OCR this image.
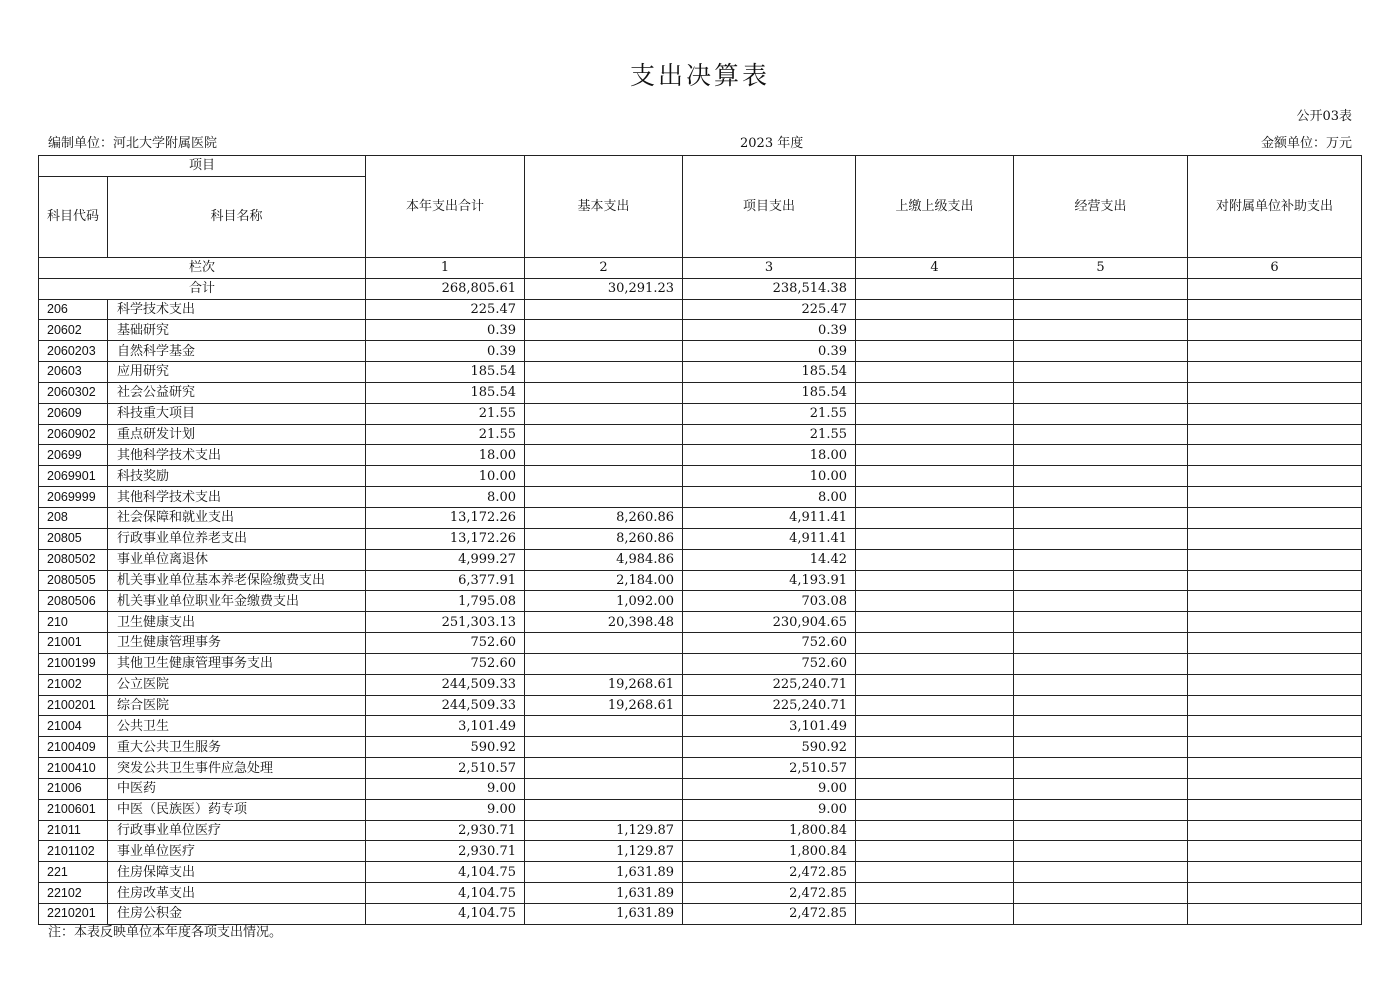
支出决算表
公开03表
编制单位：河北大学附属医院	2023 年度	金额单位：万元
项目		本年支出合计	基本支出	项目支出	上缴上级支出	经营支出	对附属单位补助支出
科目代码	科目名称						
栏次		1	2	3	4	5	6
合计		268,805.61	30,291.23	238,514.38			
206	科学技术支出	225.47		225.47			
20602	基础研究	0.39		0.39			
2060203	自然科学基金	0.39		0.39			
20603	应用研究	185.54		185.54			
2060302	社会公益研究	185.54		185.54			
20609	科技重大项目	21.55		21.55			
2060902	重点研发计划	21.55		21.55			
20699	其他科学技术支出	18.00		18.00			
2069901	科技奖励	10.00		10.00			
2069999	其他科学技术支出	8.00		8.00			
208	社会保障和就业支出	13,172.26	8,260.86	4,911.41			
20805	行政事业单位养老支出	13,172.26	8,260.86	4,911.41			
2080502	事业单位离退休	4,999.27	4,984.86	14.42			
2080505	机关事业单位基本养老保险缴费支出	6,377.91	2,184.00	4,193.91			
2080506	机关事业单位职业年金缴费支出	1,795.08	1,092.00	703.08			
210	卫生健康支出	251,303.13	20,398.48	230,904.65			
21001	卫生健康管理事务	752.60		752.60			
2100199	其他卫生健康管理事务支出	752.60		752.60			
21002	公立医院	244,509.33	19,268.61	225,240.71			
2100201	综合医院	244,509.33	19,268.61	225,240.71			
21004	公共卫生	3,101.49		3,101.49			
2100409	重大公共卫生服务	590.92		590.92			
2100410	突发公共卫生事件应急处理	2,510.57		2,510.57			
21006	中医药	9.00		9.00			
2100601	中医（民族医）药专项	9.00		9.00			
21011	行政事业单位医疗	2,930.71	1,129.87	1,800.84			
2101102	事业单位医疗	2,930.71	1,129.87	1,800.84			
221	住房保障支出	4,104.75	1,631.89	2,472.85			
22102	住房改革支出	4,104.75	1,631.89	2,472.85			
2210201	住房公积金	4,104.75	1,631.89	2,472.85			
注：本表反映单位本年度各项支出情况。
